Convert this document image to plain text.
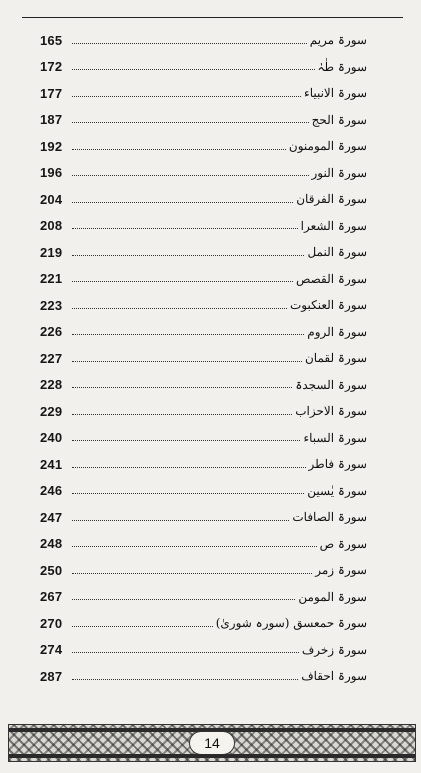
165	سورۃ مریم
172	سورۃ طٰہٰ
177	سورۃ الانبیاء
187	سورۃ الحج
192	سورۃ المومنون
196	سورۃ النور
204	سورۃ الفرقان
208	سورۃ الشعرا
219	سورۃ النمل
221	سورۃ القصص
223	سورۃ العنکبوت
226	سورۃ الروم
227	سورۃ لقمان
228	سورۃ السجدۃ
229	سورۃ الاحزاب
240	سورۃ السباء
241	سورۃ فاطر
246	سورۃ یٰسین
247	سورۃ الصافات
248	سورۃ ص
250	سورۃ زمر
267	سورۃ المومن
270	سورۃ حمعسق (سورہ شوریٰ)
274	سورۃ زخرف
287	سورۃ احقاف
14
